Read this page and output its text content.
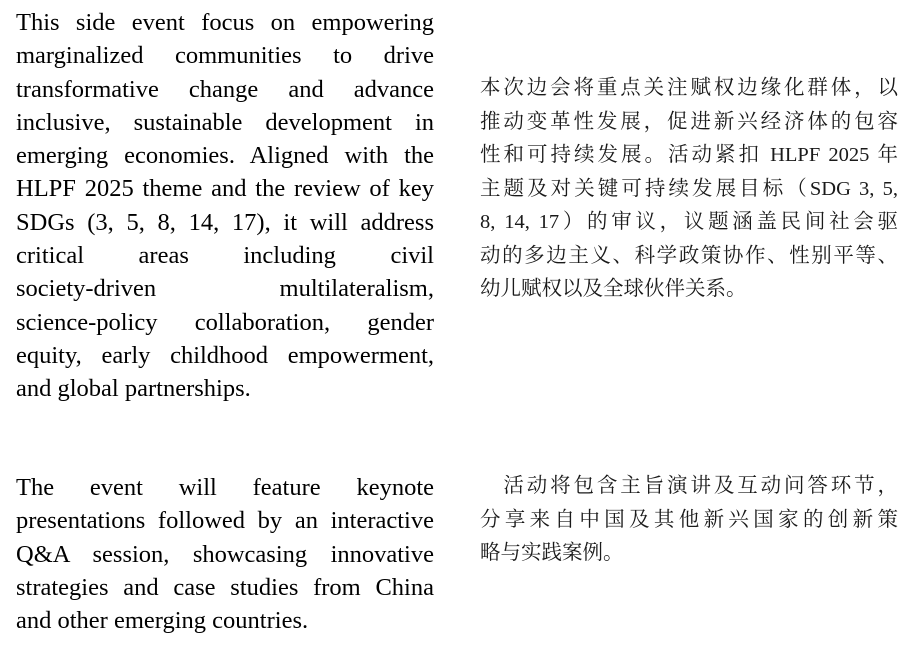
This side event focus on empowering
marginalized communities to drive
transformative change and advance
inclusive, sustainable development in
emerging economies. Aligned with the
HLPF 2025 theme and the review of key
SDGs (3, 5, 8, 14, 17), it will address
critical areas including civil
society-driven multilateralism,
science-policy collaboration, gender
equity, early childhood empowerment,
and global partnerships.
本次边会将重点关注赋权边缘化群体，以
推动变革性发展，促进新兴经济体的包容
性和可持续发展。活动紧扣 HLPF 2025 年
主题及对关键可持续发展目标（SDG 3, 5,
8, 14, 17）的审议，议题涵盖民间社会驱
动的多边主义、科学政策协作、性别平等、
幼儿赋权以及全球伙伴关系。
The event will feature keynote
presentations followed by an interactive
Q&A session, showcasing innovative
strategies and case studies from China
and other emerging countries.
　活动将包含主旨演讲及互动问答环节，
分享来自中国及其他新兴国家的创新策
略与实践案例。
